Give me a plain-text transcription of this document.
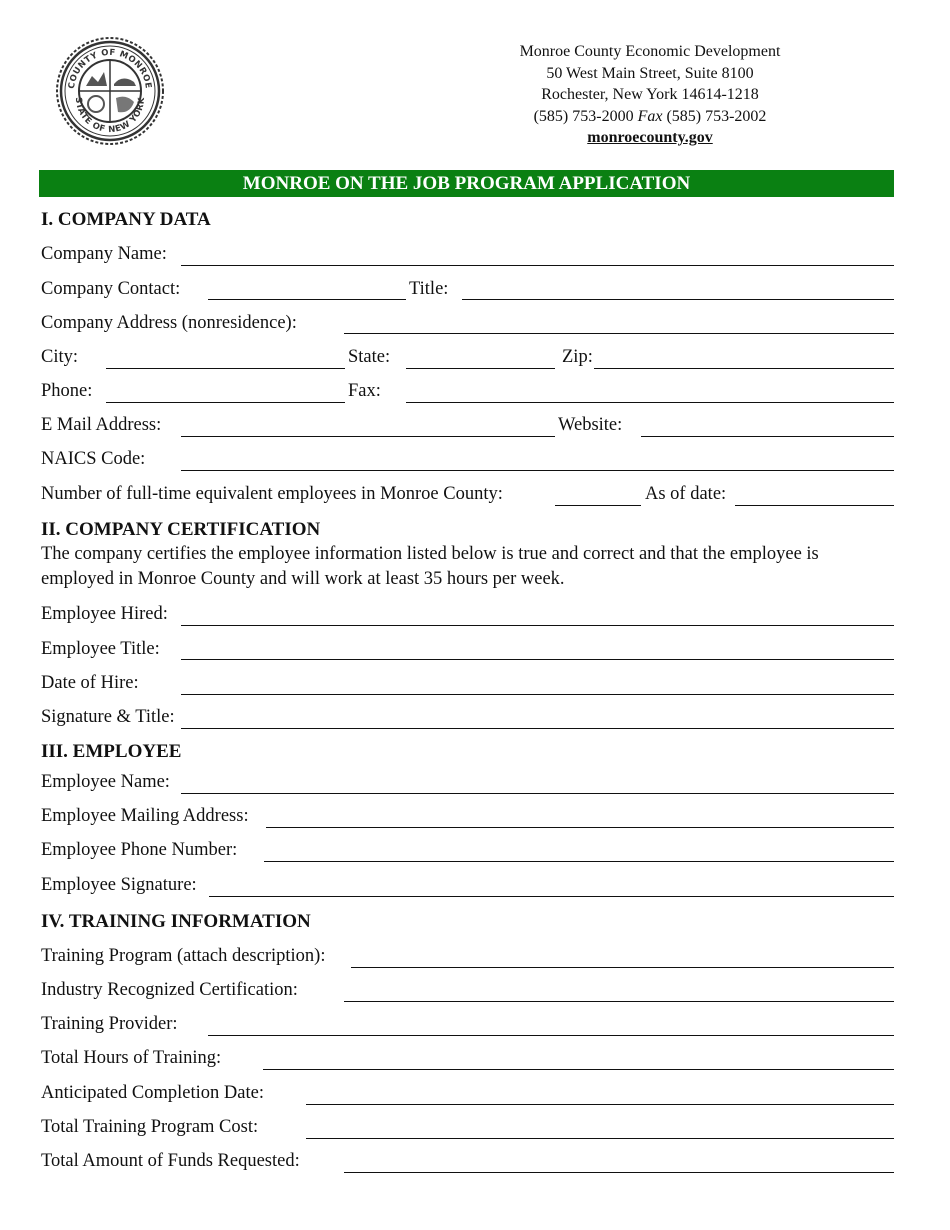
COUNTY OF MONROE
STATE OF NEW YORK
Monroe County Economic Development
50 West Main Street, Suite 8100
Rochester, New York 14614-1218
(585) 753-2000 Fax (585) 753-2002
monroecounty.gov
MONROE ON THE JOB PROGRAM APPLICATION
I. COMPANY DATA
Company Name:
Company Contact:	Title:
Company Address (nonresidence):
City:	State:	Zip:
Phone:	Fax:
E Mail Address:	Website:
NAICS Code:
Number of full-time equivalent employees in Monroe County:	As of date:
II. COMPANY CERTIFICATION
The company certifies the employee information listed below is true and correct and that the employee is employed in Monroe County and will work at least 35 hours per week.
Employee Hired:
Employee Title:
Date of Hire:
Signature & Title:
III. EMPLOYEE
Employee Name:
Employee Mailing Address:
Employee Phone Number:
Employee Signature:
IV. TRAINING INFORMATION
Training Program (attach description):
Industry Recognized Certification:
Training Provider:
Total Hours of Training:
Anticipated Completion Date:
Total Training Program Cost:
Total Amount of Funds Requested:
